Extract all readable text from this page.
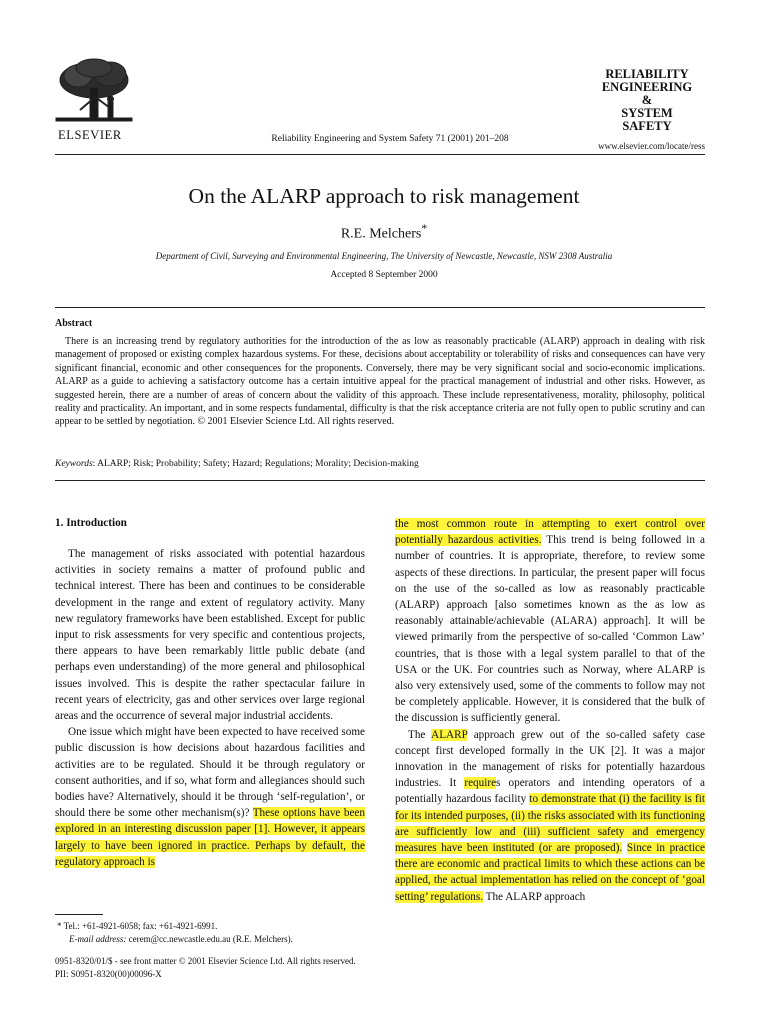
ELSEVIER	Reliability Engineering and System Safety 71 (2001) 201–208
RELIABILITY
ENGINEERING
&
SYSTEM
SAFETY
www.elsevier.com/locate/ress
On the ALARP approach to risk management
R.E. Melchers*
Department of Civil, Surveying and Environmental Engineering, The University of Newcastle, Newcastle, NSW 2308 Australia
Accepted 8 September 2000
Abstract
There is an increasing trend by regulatory authorities for the introduction of the as low as reasonably practicable (ALARP) approach in dealing with risk management of proposed or existing complex hazardous systems. For these, decisions about acceptability or tolerability of risks and consequences can have very significant financial, economic and other consequences for the proponents. Conversely, there may be very significant social and socio-economic implications. ALARP as a guide to achieving a satisfactory outcome has a certain intuitive appeal for the practical management of industrial and other risks. However, as suggested herein, there are a number of areas of concern about the validity of this approach. These include representativeness, morality, philosophy, political reality and practicality. An important, and in some respects fundamental, difficulty is that the risk acceptance criteria are not fully open to public scrutiny and can appear to be settled by negotiation. © 2001 Elsevier Science Ltd. All rights reserved.
Keywords: ALARP; Risk; Probability; Safety; Hazard; Regulations; Morality; Decision-making
1. Introduction

The management of risks associated with potential hazardous activities in society remains a matter of profound public and technical interest. There has been and continues to be considerable development in the range and extent of regulatory activity. Many new regulatory frameworks have been established. Except for public input to risk assessments for very specific and contentious projects, there appears to have been remarkably little public debate (and perhaps even understanding) of the more general and philosophical issues involved. This is despite the rather spectacular failure in recent years of electricity, gas and other services over large regional areas and the occurrence of several major industrial accidents.

One issue which might have been expected to have received some public discussion is how decisions about hazardous facilities and activities are to be regulated. Should it be through regulatory or consent authorities, and if so, what form and allegiances should such bodies have? Alternatively, should it be through ‘self-regulation’, or should there be some other mechanism(s)? These options have been explored in an interesting discussion paper [1]. However, it appears largely to have been ignored in practice. Perhaps by default, the regulatory approach is

the most common route in attempting to exert control over potentially hazardous activities. This trend is being followed in a number of countries. It is appropriate, therefore, to review some aspects of these directions. In particular, the present paper will focus on the use of the so-called as low as reasonably practicable (ALARP) approach [also sometimes known as the as low as reasonably attainable/achievable (ALARA) approach]. It will be viewed primarily from the perspective of so-called ‘Common Law’ countries, that is those with a legal system parallel to that of the USA or the UK. For countries such as Norway, where ALARP is also very extensively used, some of the comments to follow may not be completely applicable. However, it is considered that the bulk of the discussion is sufficiently general.

The ALARP approach grew out of the so-called safety case concept first developed formally in the UK [2]. It was a major innovation in the management of risks for potentially hazardous industries. It requires operators and intending operators of a potentially hazardous facility to demonstrate that (i) the facility is fit for its intended purposes, (ii) the risks associated with its functioning are sufficiently low and (iii) sufficient safety and emergency measures have been instituted (or are proposed). Since in practice there are economic and practical limits to which these actions can be applied, the actual implementation has relied on the concept of ‘goal setting’ regulations. The ALARP approach

* Tel.: +61-4921-6058; fax: +61-4921-6991.
E-mail address: cerem@cc.newcastle.edu.au (R.E. Melchers).
0951-8320/01/$ - see front matter © 2001 Elsevier Science Ltd. All rights reserved.
PII: S0951-8320(00)00096-X
